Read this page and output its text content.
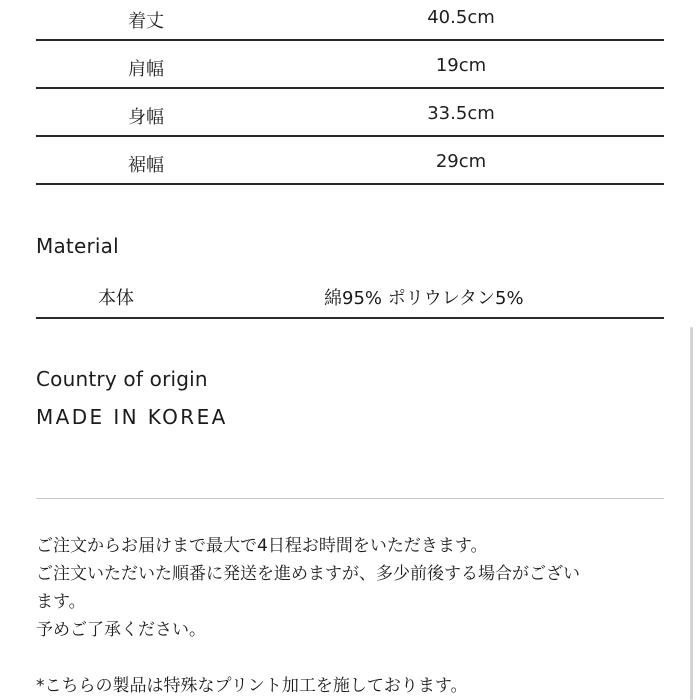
着丈	40.5cm
肩幅	19cm
身幅	33.5cm
裾幅	29cm
Material
本体	綿95% ポリウレタン5%
Country of origin
MADE IN KOREA

ご注文からお届けまで最大で4日程お時間をいただきます。

ご注文いただいた順番に発送を進めますが、多少前後する場合がござい

ます。

予めご了承ください。

*こちらの製品は特殊なプリント加工を施しております。
